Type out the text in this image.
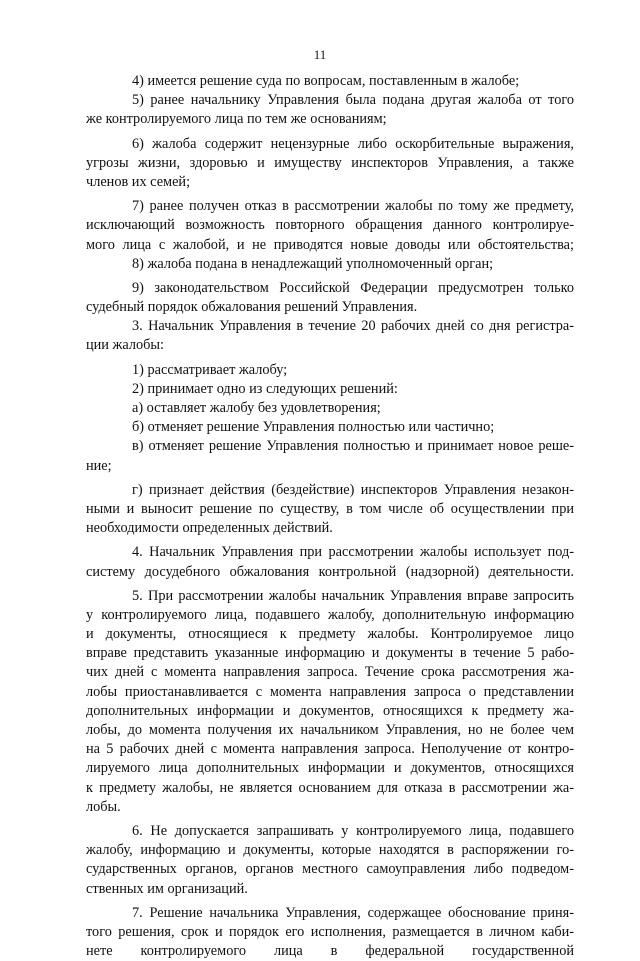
11
4) имеется решение суда по вопросам, поставленным в жалобе;
5) ранее начальнику Управления была подана другая жалоба от того
же контролируемого лица по тем же основаниям;
6) жалоба содержит нецензурные либо оскорбительные выражения,
угрозы жизни, здоровью и имуществу инспекторов Управления, а также
членов их семей;
7) ранее получен отказ в рассмотрении жалобы по тому же предмету,
исключающий возможность повторного обращения данного контролируе-
мого лица с жалобой, и не приводятся новые доводы или обстоятельства;
8) жалоба подана в ненадлежащий уполномоченный орган;
9) законодательством Российской Федерации предусмотрен только
судебный порядок обжалования решений Управления.
3. Начальник Управления в течение 20 рабочих дней со дня регистра-
ции жалобы:
1) рассматривает жалобу;
2) принимает одно из следующих решений:
а) оставляет жалобу без удовлетворения;
б) отменяет решение Управления полностью или частично;
в) отменяет решение Управления полностью и принимает новое реше-
ние;
г) признает действия (бездействие) инспекторов Управления незакон-
ными и выносит решение по существу, в том числе об осуществлении при
необходимости определенных действий.
4. Начальник Управления при рассмотрении жалобы использует под-
систему досудебного обжалования контрольной (надзорной) деятельности.
5. При рассмотрении жалобы начальник Управления вправе запросить
у контролируемого лица, подавшего жалобу, дополнительную информацию
и документы, относящиеся к предмету жалобы. Контролируемое лицо
вправе представить указанные информацию и документы в течение 5 рабо-
чих дней с момента направления запроса. Течение срока рассмотрения жа-
лобы приостанавливается с момента направления запроса о представлении
дополнительных информации и документов, относящихся к предмету жа-
лобы, до момента получения их начальником Управления, но не более чем
на 5 рабочих дней с момента направления запроса. Неполучение от контро-
лируемого лица дополнительных информации и документов, относящихся
к предмету жалобы, не является основанием для отказа в рассмотрении жа-
лобы.
6. Не допускается запрашивать у контролируемого лица, подавшего
жалобу, информацию и документы, которые находятся в распоряжении го-
сударственных органов, органов местного самоуправления либо подведом-
ственных им организаций.
7. Решение начальника Управления, содержащее обоснование приня-
того решения, срок и порядок его исполнения, размещается в личном каби-
нете контролируемого лица в федеральной государственной
